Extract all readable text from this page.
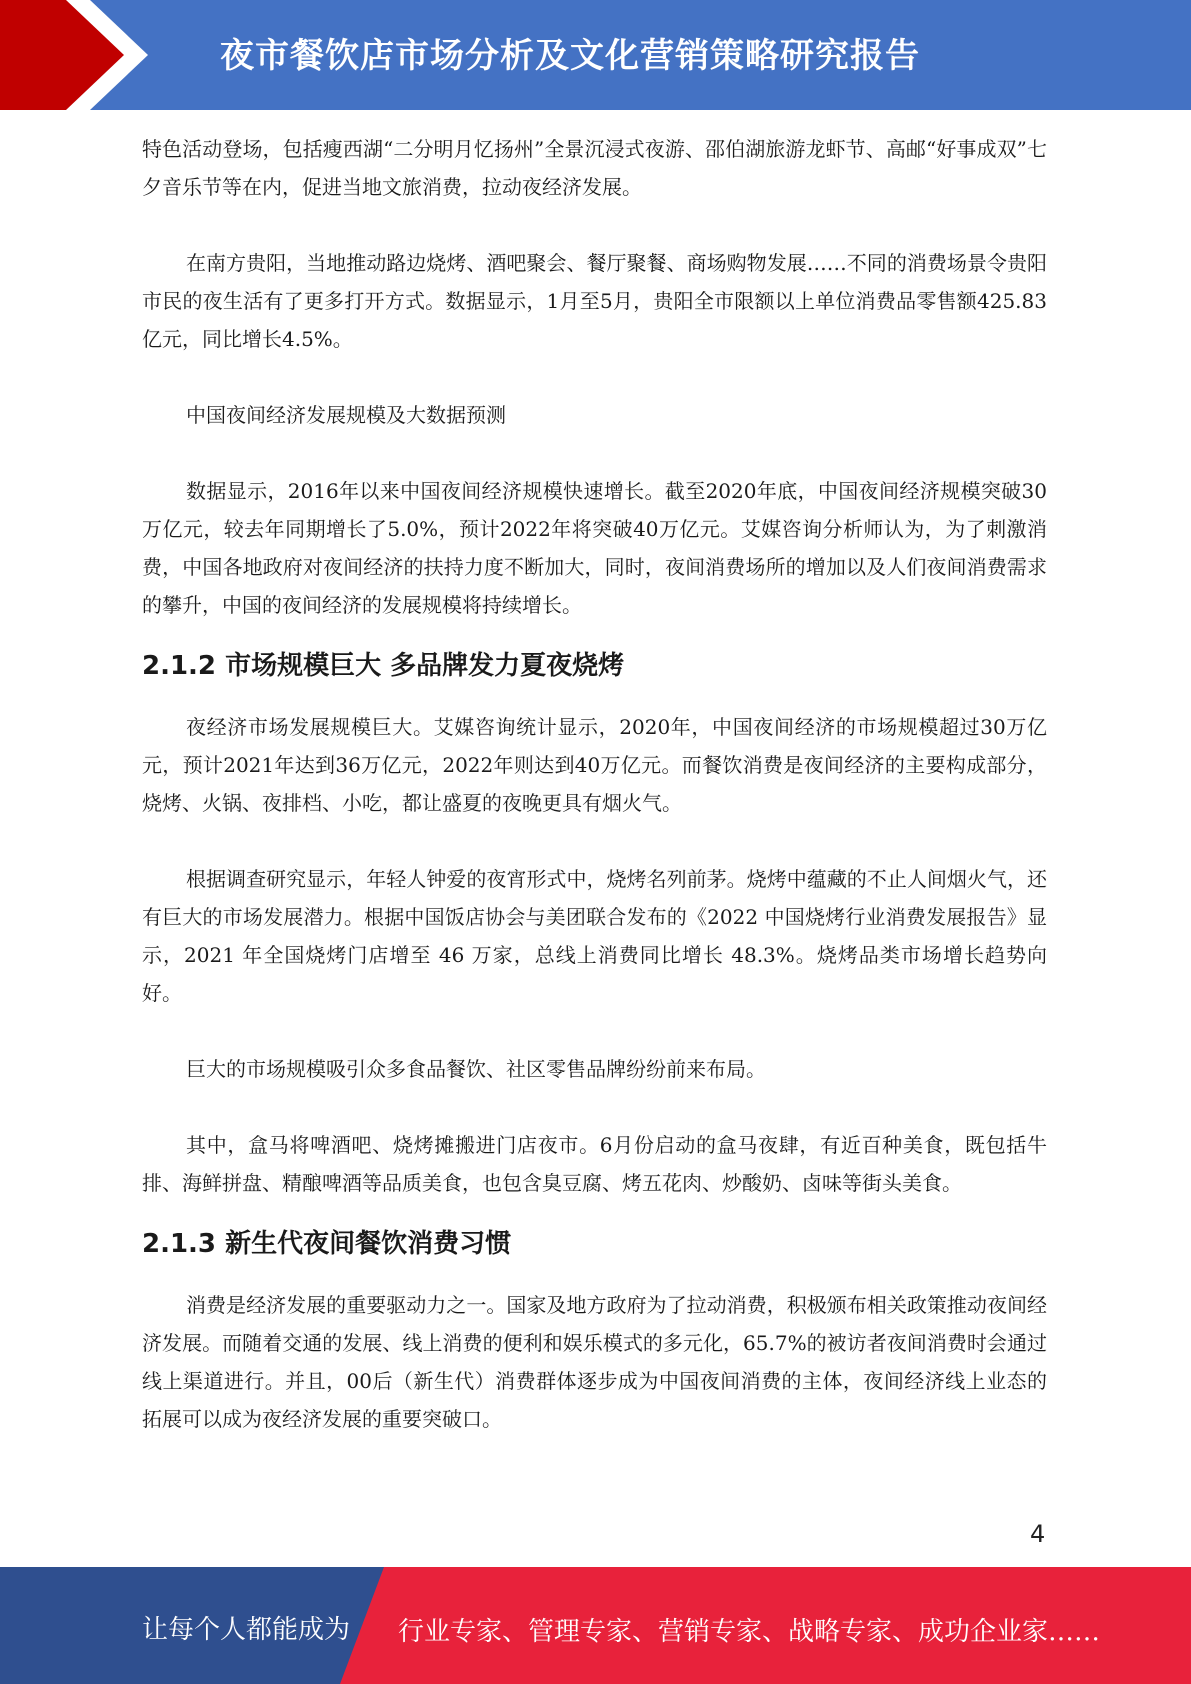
夜市餐饮店市场分析及文化营销策略研究报告

特色活动登场，包括瘦西湖“二分明月忆扬州”全景沉浸式夜游、邵伯湖旅游龙虾节、高邮“好事成双”七夕音乐节等在内，促进当地文旅消费，拉动夜经济发展。

在南方贵阳，当地推动路边烧烤、酒吧聚会、餐厅聚餐、商场购物发展……不同的消费场景令贵阳市民的夜生活有了更多打开方式。数据显示，1月至5月，贵阳全市限额以上单位消费品零售额425.83亿元，同比增长4.5%。

中国夜间经济发展规模及大数据预测

数据显示，2016年以来中国夜间经济规模快速增长。截至2020年底，中国夜间经济规模突破30万亿元，较去年同期增长了5.0%，预计2022年将突破40万亿元。艾媒咨询分析师认为，为了刺激消费，中国各地政府对夜间经济的扶持力度不断加大，同时，夜间消费场所的增加以及人们夜间消费需求的攀升，中国的夜间经济的发展规模将持续增长。

2.1.2 市场规模巨大 多品牌发力夏夜烧烤

夜经济市场发展规模巨大。艾媒咨询统计显示，2020年，中国夜间经济的市场规模超过30万亿元，预计2021年达到36万亿元，2022年则达到40万亿元。而餐饮消费是夜间经济的主要构成部分，烧烤、火锅、夜排档、小吃，都让盛夏的夜晚更具有烟火气。

根据调查研究显示，年轻人钟爱的夜宵形式中，烧烤名列前茅。烧烤中蕴藏的不止人间烟火气，还有巨大的市场发展潜力。根据中国饭店协会与美团联合发布的《2022 中国烧烤行业消费发展报告》显示，2021 年全国烧烤门店增至 46 万家，总线上消费同比增长 48.3%。烧烤品类市场增长趋势向好。

巨大的市场规模吸引众多食品餐饮、社区零售品牌纷纷前来布局。

其中，盒马将啤酒吧、烧烤摊搬进门店夜市。6月份启动的盒马夜肆，有近百种美食，既包括牛排、海鲜拼盘、精酿啤酒等品质美食，也包含臭豆腐、烤五花肉、炒酸奶、卤味等街头美食。

2.1.3 新生代夜间餐饮消费习惯

消费是经济发展的重要驱动力之一。国家及地方政府为了拉动消费，积极颁布相关政策推动夜间经济发展。而随着交通的发展、线上消费的便利和娱乐模式的多元化，65.7%的被访者夜间消费时会通过线上渠道进行。并且，00后（新生代）消费群体逐步成为中国夜间消费的主体，夜间经济线上业态的拓展可以成为夜经济发展的重要突破口。

4
让每个人都能成为 行业专家、管理专家、营销专家、战略专家、成功企业家……
